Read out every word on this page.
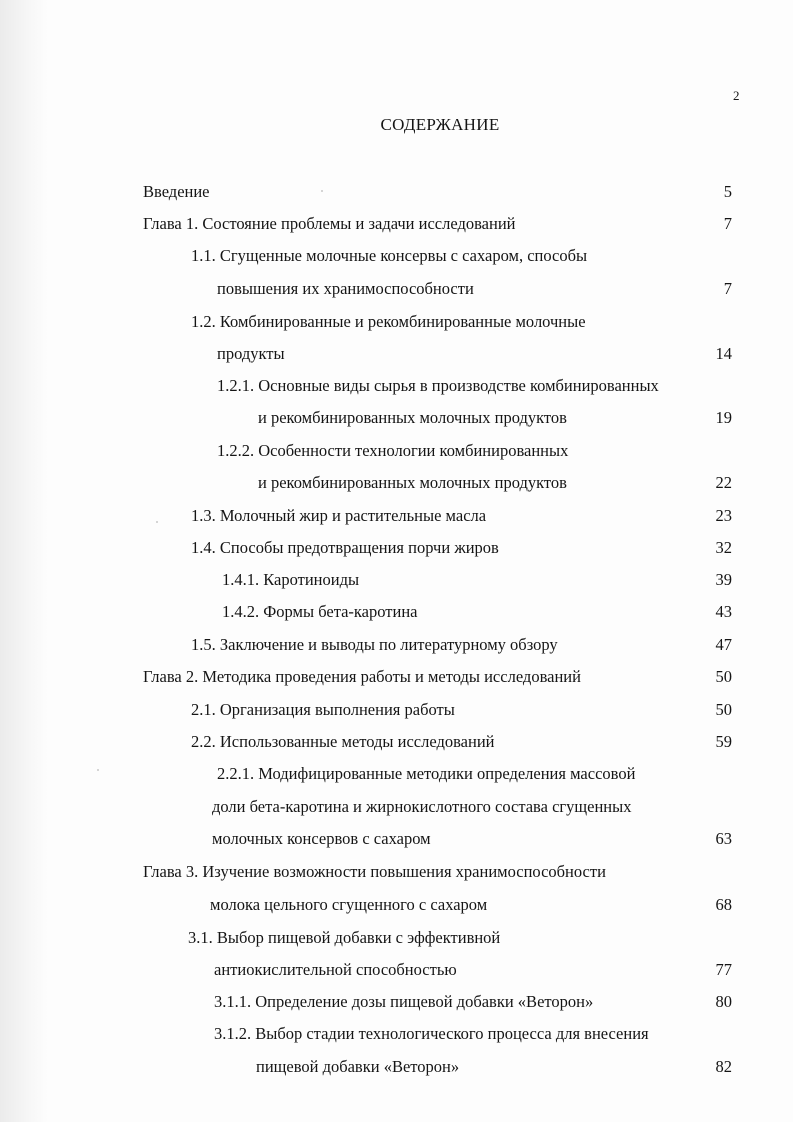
2
СОДЕРЖАНИЕ
Введение	5
Глава 1. Состояние проблемы и задачи исследований	7
1.1. Сгущенные молочные консервы с сахаром, способы
повышения их хранимоспособности	7
1.2. Комбинированные и рекомбинированные молочные
продукты	14
1.2.1. Основные виды сырья в производстве комбинированных
и рекомбинированных молочных продуктов	19
1.2.2. Особенности технологии комбинированных
и рекомбинированных молочных продуктов	22
1.3. Молочный жир и растительные масла	23
1.4. Способы предотвращения порчи жиров	32
1.4.1. Каротиноиды	39
1.4.2. Формы бета-каротина	43
1.5. Заключение и выводы по литературному обзору	47
Глава 2. Методика проведения работы и методы исследований	50
2.1. Организация выполнения работы	50
2.2. Использованные методы исследований	59
2.2.1. Модифицированные методики определения массовой
доли бета-каротина и жирнокислотного состава сгущенных
молочных консервов с сахаром	63
Глава 3. Изучение возможности повышения хранимоспособности
молока цельного сгущенного с сахаром	68
3.1. Выбор пищевой добавки с эффективной
антиокислительной способностью	77
3.1.1. Определение дозы пищевой добавки «Веторон»	80
3.1.2. Выбор стадии технологического процесса для внесения
пищевой добавки «Веторон»	82
